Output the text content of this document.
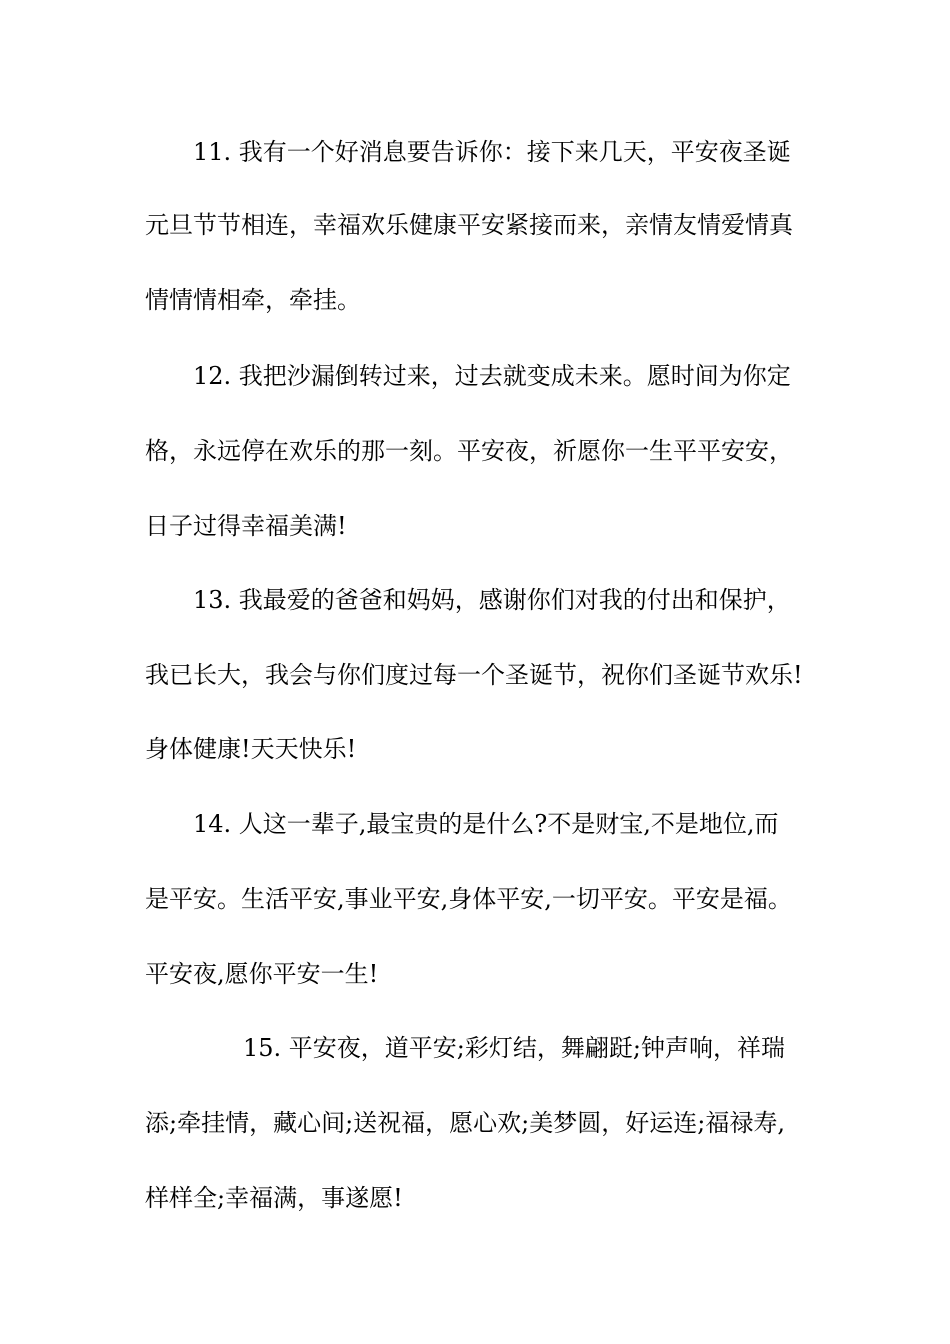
11. 我有一个好消息要告诉你：接下来几天，平安夜圣诞
元旦节节相连，幸福欢乐健康平安紧接而来，亲情友情爱情真
情情情相牵，牵挂。
12. 我把沙漏倒转过来，过去就变成未来。愿时间为你定
格，永远停在欢乐的那一刻。平安夜，祈愿你一生平平安安，
日子过得幸福美满!
13. 我最爱的爸爸和妈妈，感谢你们对我的付出和保护，
我已长大，我会与你们度过每一个圣诞节，祝你们圣诞节欢乐!
身体健康!天天快乐!
14. 人这一辈子,最宝贵的是什么?不是财宝,不是地位,而
是平安。生活平安,事业平安,身体平安,一切平安。平安是福。
平安夜,愿你平安一生!
15. 平安夜，道平安;彩灯结，舞翩跹;钟声响，祥瑞
添;牵挂情，藏心间;送祝福，愿心欢;美梦圆，好运连;福禄寿,
样样全;幸福满，事遂愿!
